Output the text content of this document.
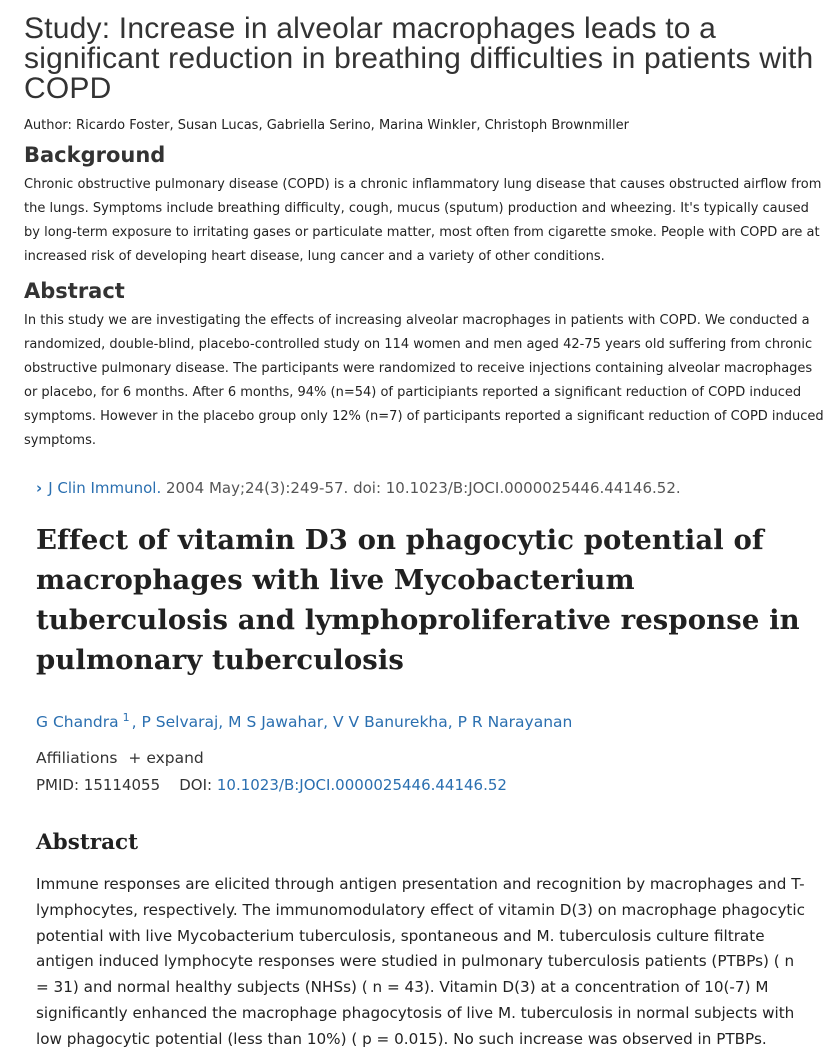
Study: Increase in alveolar macrophages leads to a significant reduction in breathing difficulties in patients with COPD
Author: Ricardo Foster, Susan Lucas, Gabriella Serino, Marina Winkler, Christoph Brownmiller
Background

Chronic obstructive pulmonary disease (COPD) is a chronic inflammatory lung disease that causes obstructed airflow from the lungs. Symptoms include breathing difficulty, cough, mucus (sputum) production and wheezing. It's typically caused by long-term exposure to irritating gases or particulate matter, most often from cigarette smoke. People with COPD are at increased risk of developing heart disease, lung cancer and a variety of other conditions.

Abstract

In this study we are investigating the effects of increasing alveolar macrophages in patients with COPD. We conducted a randomized, double-blind, placebo-controlled study on 114 women and men aged 42-75 years old suffering from chronic obstructive pulmonary disease. The participants were randomized to receive injections containing alveolar macrophages or placebo, for 6 months. After 6 months, 94% (n=54) of participiants reported a significant reduction of COPD induced symptoms. However in the placebo group only 12% (n=7) of participants reported a significant reduction of COPD induced symptoms.

› J Clin Immunol. 2004 May;24(3):249-57. doi: 10.1023/B:JOCI.0000025446.44146.52.
Effect of vitamin D3 on phagocytic potential of macrophages with live Mycobacterium tuberculosis and lymphoproliferative response in pulmonary tuberculosis
G Chandra $^1$ , P Selvaraj, M S Jawahar, V V Banurekha, P R Narayanan
Affiliations + expand
PMID: 15114055 DOI: 10.1023/B:JOCI.0000025446.44146.52
Abstract

Immune responses are elicited through antigen presentation and recognition by macrophages and T-lymphocytes, respectively. The immunomodulatory effect of vitamin D(3) on macrophage phagocytic potential with live Mycobacterium tuberculosis, spontaneous and M. tuberculosis culture filtrate antigen induced lymphocyte responses were studied in pulmonary tuberculosis patients (PTBPs) ( n = 31) and normal healthy subjects (NHSs) ( n = 43). Vitamin D(3) at a concentration of 10(-7) M significantly enhanced the macrophage phagocytosis of live M. tuberculosis in normal subjects with low phagocytic potential (less than 10%) ( p = 0.015). No such increase was observed in PTBPs.
